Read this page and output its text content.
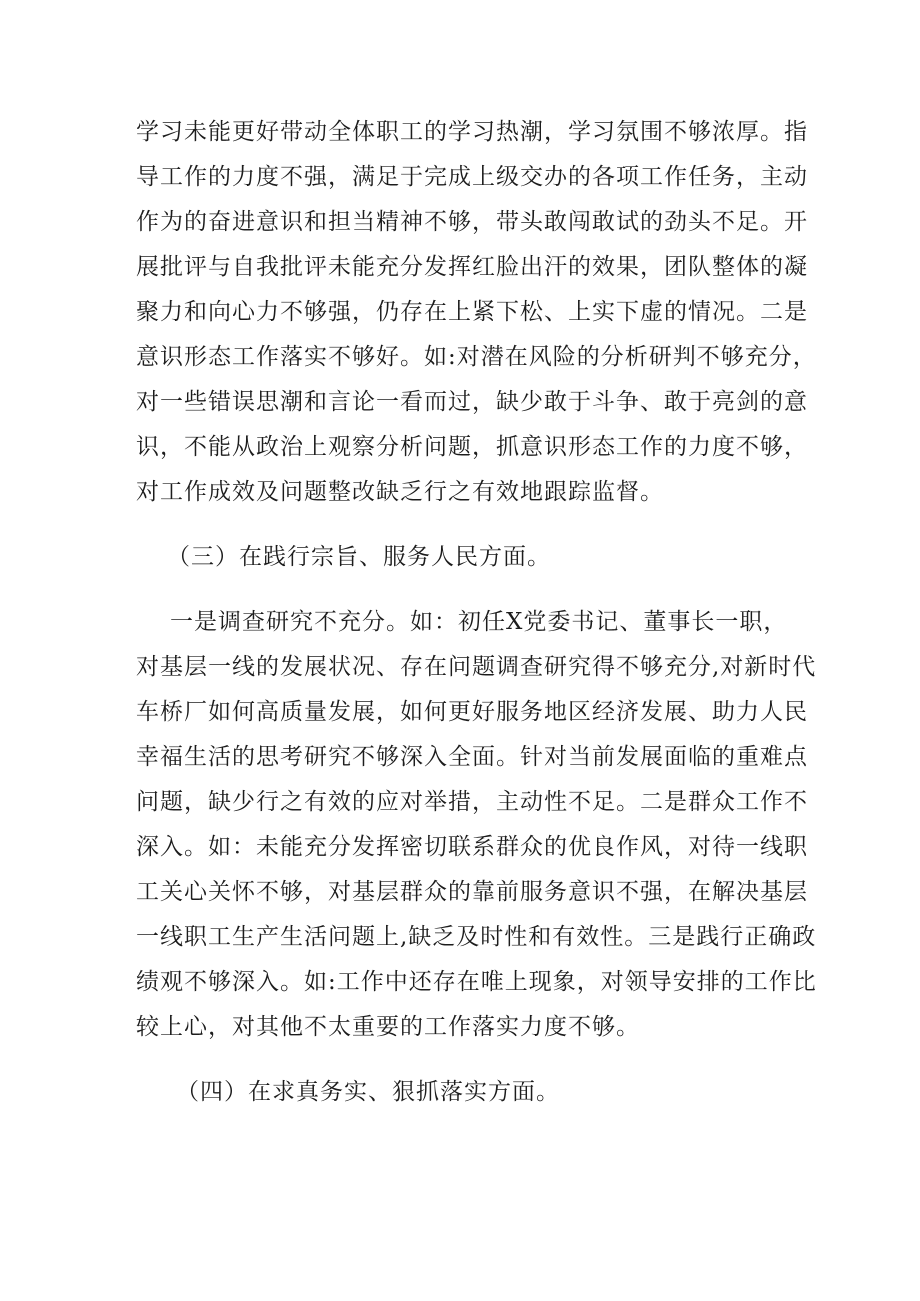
学习未能更好带动全体职工的学习热潮，学习氛围不够浓厚。指
导工作的力度不强，满足于完成上级交办的各项工作任务，主动
作为的奋进意识和担当精神不够，带头敢闯敢试的劲头不足。开
展批评与自我批评未能充分发挥红脸出汗的效果，团队整体的凝
聚力和向心力不够强，仍存在上紧下松、上实下虚的情况。二是
意识形态工作落实不够好。如:对潜在风险的分析研判不够充分，
对一些错误思潮和言论一看而过，缺少敢于斗争、敢于亮剑的意
识，不能从政治上观察分析问题，抓意识形态工作的力度不够，
对工作成效及问题整改缺乏行之有效地跟踪监督。
（三）在践行宗旨、服务人民方面。
一是调查研究不充分。如：初任X党委书记、董事长一职，
对基层一线的发展状况、存在问题调查研究得不够充分,对新时代
车桥厂如何高质量发展，如何更好服务地区经济发展、助力人民
幸福生活的思考研究不够深入全面。针对当前发展面临的重难点
问题，缺少行之有效的应对举措，主动性不足。二是群众工作不
深入。如：未能充分发挥密切联系群众的优良作风，对待一线职
工关心关怀不够，对基层群众的靠前服务意识不强，在解决基层
一线职工生产生活问题上,缺乏及时性和有效性。三是践行正确政
绩观不够深入。如:工作中还存在唯上现象，对领导安排的工作比
较上心，对其他不太重要的工作落实力度不够。
（四）在求真务实、狠抓落实方面。
